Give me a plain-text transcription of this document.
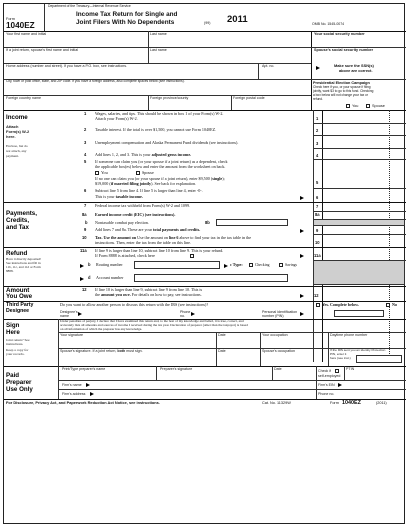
Form
1040EZ
Department of the Treasury—Internal Revenue Service
Income Tax Return for Single and
Joint Filers With No Dependents	(99) 2011	OMB No. 1545-0074
Your first name and initial	Last name	Your social security number
If a joint return, spouse's first name and initial	Last name	Spouse's social security number
Home address (number and street). If you have a P.O. box, see instructions.	Apt. no.	Make sure the SSN(s)
above are correct.
City, town or post office, state, and ZIP code. If you have a foreign address, also complete spaces below (see instructions).	Presidential Election Campaign
Check here if you, or your spouse if filing
jointly, want $3 to go to this fund. Checking
a box below will not change your tax or
refund.
Foreign country name	Foreign province/county	Foreign postal code
You	Spouse
Income
Attach
Form(s) W-2
here.
Enclose, but do
not attach, any
payment.
1 Wages, salaries, and tips. This should be shown in box 1 of your Form(s) W-2.
Attach your Form(s) W-2.	1
2 Taxable interest. If the total is over $1,500, you cannot use Form 1040EZ.	2
3 Unemployment compensation and Alaska Permanent Fund dividends (see instructions).	3
4 Add lines 1, 2, and 3. This is your adjusted gross income.	4
5 If someone can claim you (or your spouse if a joint return) as a dependent, check
the applicable box(es) below and enter the amount from the worksheet on back.
You	Spouse
If no one can claim you (or your spouse if a joint return), enter $9,500 (single);
$19,000 (if married filing jointly). See back for explanation.	5
6 Subtract line 5 from line 4. If line 5 is larger than line 4, enter -0-.
This is your taxable income.	6
Payments,
Credits,
and Tax
7 Federal income tax withheld from Form(s) W-2 and 1099.	7
8a Earned income credit (EIC) (see instructions).	8a
b Nontaxable combat pay election.	8b
9 Add lines 7 and 8a. These are your total payments and credits.	9
10 Tax. Use the amount on Use the amount on line 6 above to find your tax in the tax table in the
instructions. Then, enter the tax from the table on this line.	10
Refund
Have it directly deposited! See instructions and fill in 11b, 11c, and 11d or Form 8888.
11a If line 9 is larger than line 10, subtract line 10 from line 9. This is your refund.
If Form 8888 is attached, check here	11a
b Routing number	c Type:	Checking	Savings
d Account number
Amount
You Owe
12 If line 10 is larger than line 9, subtract line 9 from line 10. This is
the amount you owe. For details on how to pay, see instructions.	12
Third Party
Designee
Do you want to allow another person to discuss this return with the IRS (see instructions)?	Yes. Complete below.	No
Designee's
name
Phone
no.
Personal identification
number (PIN)
Sign
Here
Joint return? See
instructions.
Keep a copy for
your records.
Under penalties of perjury, I declare that I have examined this return and, to the best of my knowledge and belief, it is true, correct, and
accurately lists all amounts and sources of income I received during the tax year. Declaration of preparer (other than the taxpayer) is based
on all information of which the preparer has any knowledge.
Your signature	Date	Your occupation	Daytime phone number
Spouse's signature. If a joint return, both must sign.	Date	Spouse's occupation	If the IRS sent you an Identity Protection
PIN, enter it
here (see inst.)
Paid
Preparer
Use Only
Print/Type preparer's name	Preparer's signature	Date	Check if
self-employed
PTIN
Firm's name	Firm's EIN
Firm's address	Phone no.
For Disclosure, Privacy Act, and Paperwork Reduction Act Notice, see instructions.	Cat. No. 11329W	Form 1040EZ	(2011)
